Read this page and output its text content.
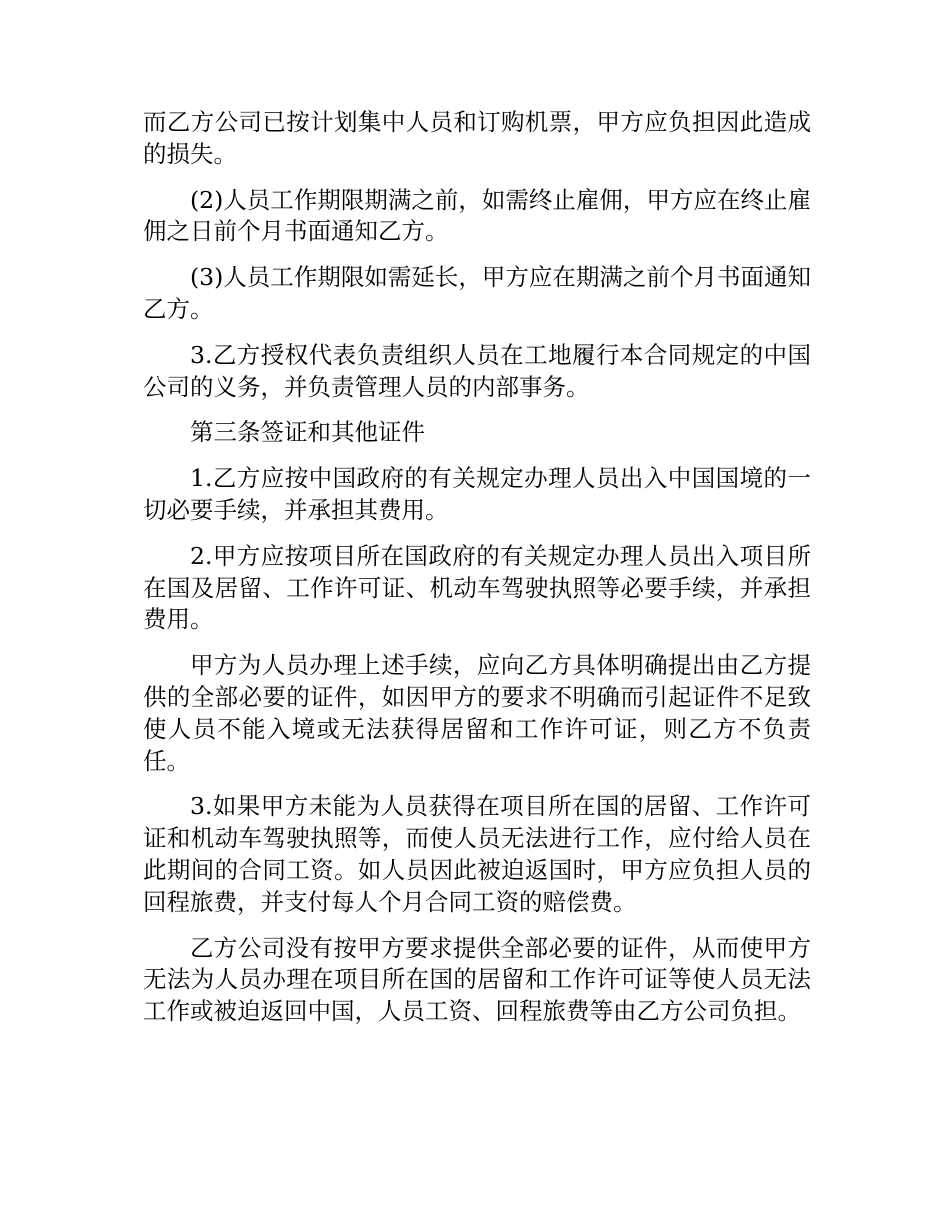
而乙方公司已按计划集中人员和订购机票，甲方应负担因此造成的损失。

(2)人员工作期限期满之前，如需终止雇佣，甲方应在终止雇佣之日前个月书面通知乙方。

(3)人员工作期限如需延长，甲方应在期满之前个月书面通知乙方。

3.乙方授权代表负责组织人员在工地履行本合同规定的中国公司的义务，并负责管理人员的内部事务。

第三条签证和其他证件

1.乙方应按中国政府的有关规定办理人员出入中国国境的一切必要手续，并承担其费用。

2.甲方应按项目所在国政府的有关规定办理人员出入项目所在国及居留、工作许可证、机动车驾驶执照等必要手续，并承担费用。

甲方为人员办理上述手续，应向乙方具体明确提出由乙方提供的全部必要的证件，如因甲方的要求不明确而引起证件不足致使人员不能入境或无法获得居留和工作许可证，则乙方不负责任。

3.如果甲方未能为人员获得在项目所在国的居留、工作许可证和机动车驾驶执照等，而使人员无法进行工作，应付给人员在此期间的合同工资。如人员因此被迫返国时，甲方应负担人员的回程旅费，并支付每人个月合同工资的赔偿费。

乙方公司没有按甲方要求提供全部必要的证件，从而使甲方无法为人员办理在项目所在国的居留和工作许可证等使人员无法工作或被迫返回中国，人员工资、回程旅费等由乙方公司负担。
